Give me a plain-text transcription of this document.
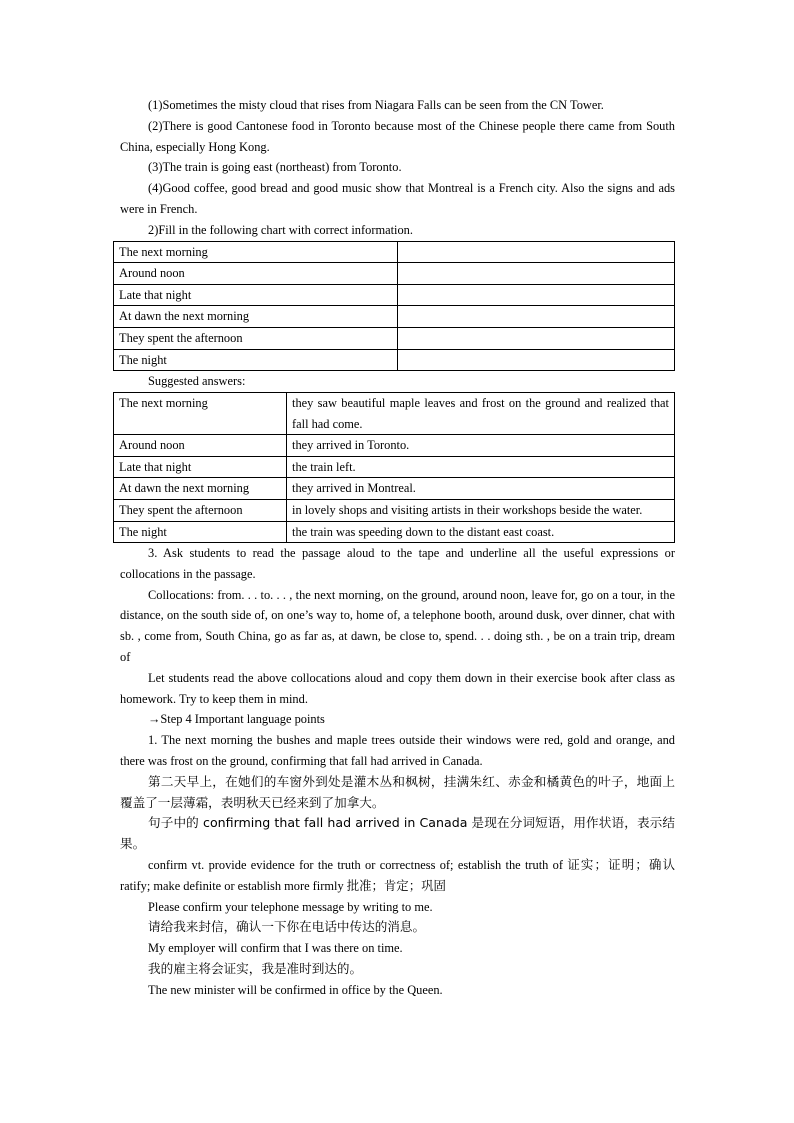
(1)Sometimes the misty cloud that rises from Niagara Falls can be seen from the CN Tower.

(2)There is good Cantonese food in Toronto because most of the Chinese people there came from South China, especially Hong Kong.

(3)The train is going east (northeast) from Toronto.

(4)Good coffee, good bread and good music show that Montreal is a French city. Also the signs and ads were in French.

2)Fill in the following chart with correct information.

The next morning	
Around noon	
Late that night	
At dawn the next morning	
They spent the afternoon	
The night	

Suggested answers:

The next morning	they saw beautiful maple leaves and frost on the ground and realized that fall had come.
Around noon	they arrived in Toronto.
Late that night	the train left.
At dawn the next morning	they arrived in Montreal.
They spent the afternoon	in lovely shops and visiting artists in their workshops beside the water.
The night	the train was speeding down to the distant east coast.

3. Ask students to read the passage aloud to the tape and underline all the useful expressions or collocations in the passage.

Collocations: from. . . to. . . , the next morning, on the ground, around noon, leave for, go on a tour, in the distance, on the south side of, on one’s way to, home of, a telephone booth, around dusk, over dinner, chat with sb. , come from, South China, go as far as, at dawn, be close to, spend. . . doing sth. , be on a train trip, dream of

Let students read the above collocations aloud and copy them down in their exercise book after class as homework. Try to keep them in mind.

→Step 4 Important language points

1. The next morning the bushes and maple trees outside their windows were red, gold and orange, and there was frost on the ground, confirming that fall had arrived in Canada.

第二天早上，在她们的车窗外到处是灌木丛和枫树，挂满朱红、赤金和橘黄色的叶子，地面上覆盖了一层薄霜，表明秋天已经来到了加拿大。

句子中的 confirming that fall had arrived in Canada 是现在分词短语，用作状语，表示结果。

confirm vt. provide evidence for the truth or correctness of; establish the truth of 证实；证明；确认 ratify; make definite or establish more firmly 批准；肯定；巩固

Please confirm your telephone message by writing to me.

请给我来封信，确认一下你在电话中传达的消息。

My employer will confirm that I was there on time.

我的雇主将会证实，我是准时到达的。

The new minister will be confirmed in office by the Queen.
